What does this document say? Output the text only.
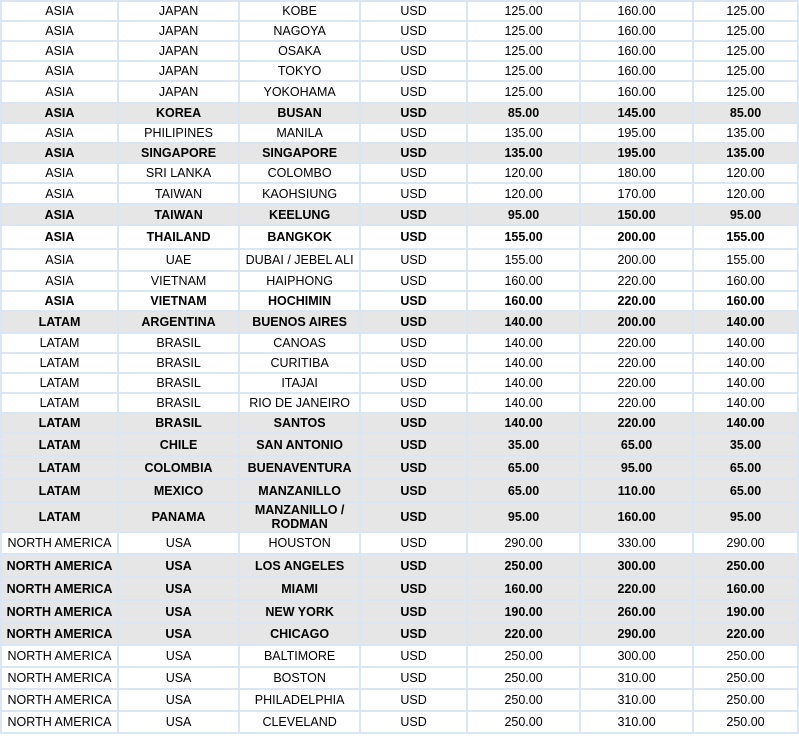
ASIA	JAPAN	KOBE	USD	125.00	160.00	125.00
ASIA	JAPAN	NAGOYA	USD	125.00	160.00	125.00
ASIA	JAPAN	OSAKA	USD	125.00	160.00	125.00
ASIA	JAPAN	TOKYO	USD	125.00	160.00	125.00
ASIA	JAPAN	YOKOHAMA	USD	125.00	160.00	125.00
ASIA	KOREA	BUSAN	USD	85.00	145.00	85.00
ASIA	PHILIPINES	MANILA	USD	135.00	195.00	135.00
ASIA	SINGAPORE	SINGAPORE	USD	135.00	195.00	135.00
ASIA	SRI LANKA	COLOMBO	USD	120.00	180.00	120.00
ASIA	TAIWAN	KAOHSIUNG	USD	120.00	170.00	120.00
ASIA	TAIWAN	KEELUNG	USD	95.00	150.00	95.00
ASIA	THAILAND	BANGKOK	USD	155.00	200.00	155.00
ASIA	UAE	DUBAI / JEBEL ALI	USD	155.00	200.00	155.00
ASIA	VIETNAM	HAIPHONG	USD	160.00	220.00	160.00
ASIA	VIETNAM	HOCHIMIN	USD	160.00	220.00	160.00
LATAM	ARGENTINA	BUENOS AIRES	USD	140.00	200.00	140.00
LATAM	BRASIL	CANOAS	USD	140.00	220.00	140.00
LATAM	BRASIL	CURITIBA	USD	140.00	220.00	140.00
LATAM	BRASIL	ITAJAI	USD	140.00	220.00	140.00
LATAM	BRASIL	RIO DE JANEIRO	USD	140.00	220.00	140.00
LATAM	BRASIL	SANTOS	USD	140.00	220.00	140.00
LATAM	CHILE	SAN ANTONIO	USD	35.00	65.00	35.00
LATAM	COLOMBIA	BUENAVENTURA	USD	65.00	95.00	65.00
LATAM	MEXICO	MANZANILLO	USD	65.00	110.00	65.00
LATAM	PANAMA	MANZANILLO / RODMAN	USD	95.00	160.00	95.00
NORTH AMERICA	USA	HOUSTON	USD	290.00	330.00	290.00
NORTH AMERICA	USA	LOS ANGELES	USD	250.00	300.00	250.00
NORTH AMERICA	USA	MIAMI	USD	160.00	220.00	160.00
NORTH AMERICA	USA	NEW YORK	USD	190.00	260.00	190.00
NORTH AMERICA	USA	CHICAGO	USD	220.00	290.00	220.00
NORTH AMERICA	USA	BALTIMORE	USD	250.00	300.00	250.00
NORTH AMERICA	USA	BOSTON	USD	250.00	310.00	250.00
NORTH AMERICA	USA	PHILADELPHIA	USD	250.00	310.00	250.00
NORTH AMERICA	USA	CLEVELAND	USD	250.00	310.00	250.00
